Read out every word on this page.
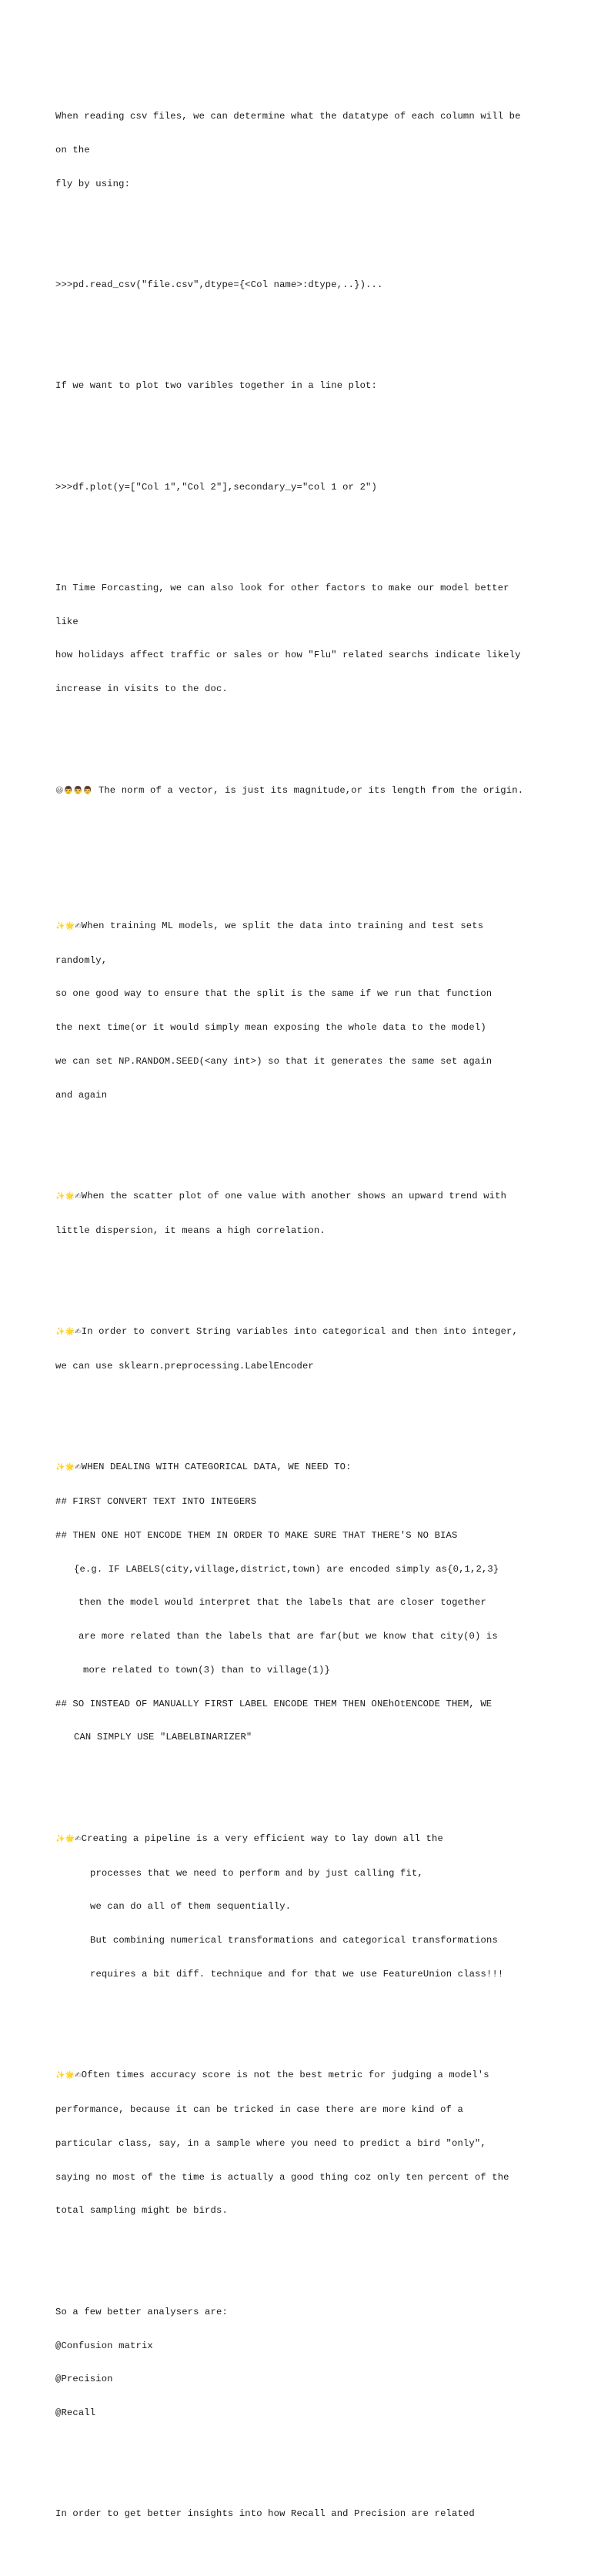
When reading csv files, we can determine what the datatype of each column will be

on the

fly by using:

>>>pd.read_csv("file.csv",dtype={<Col name>:dtype,..})...

If we want to plot two varibles together in a line plot:

>>>df.plot(y=["Col 1","Col 2"],secondary_y="col 1 or 2")

In Time Forcasting, we can also look for other factors to make our model better

like

how holidays affect traffic or sales or how "Flu" related searchs indicate likely

increase in visits to the doc.

😃👨👨👨 The norm of a vector, is just its magnitude,or its length from the origin.

✨🌟✍When training ML models, we split the data into training and test sets

randomly,

so one good way to ensure that the split is the same if we run that function

the next time(or it would simply mean exposing the whole data to the model)

we can set NP.RANDOM.SEED(<any int>) so that it generates the same set again

and again

✨🌟✍When the scatter plot of one value with another shows an upward trend with

little dispersion, it means a high correlation.

✨🌟✍In order to convert String variables into categorical and then into integer,

we can use sklearn.preprocessing.LabelEncoder

✨🌟✍WHEN DEALING WITH CATEGORICAL DATA, WE NEED TO:

## FIRST CONVERT TEXT INTO INTEGERS

## THEN ONE HOT ENCODE THEM IN ORDER TO MAKE SURE THAT THERE'S NO BIAS

{e.g. IF LABELS(city,village,district,town) are encoded simply as{0,1,2,3}

then the model would interpret that the labels that are closer together

are more related than the labels that are far(but we know that city(0) is

more related to town(3) than to village(1)}

## SO INSTEAD OF MANUALLY FIRST LABEL ENCODE THEM THEN ONEhOtENCODE THEM, WE

CAN SIMPLY USE "LABELBINARIZER"

✨🌟✍Creating a pipeline is a very efficient way to lay down all the

processes that we need to perform and by just calling fit,

we can do all of them sequentially.

But combining numerical transformations and categorical transformations

requires a bit diff. technique and for that we use FeatureUnion class!!!

✨🌟✍Often times accuracy score is not the best metric for judging a model's

performance, because it can be tricked in case there are more kind of a

particular class, say, in a sample where you need to predict a bird "only",

saying no most of the time is actually a good thing coz only ten percent of the

total sampling might be birds.

So a few better analysers are:

@Confusion matrix

@Precision

@Recall

In order to get better insights into how Recall and Precision are related
